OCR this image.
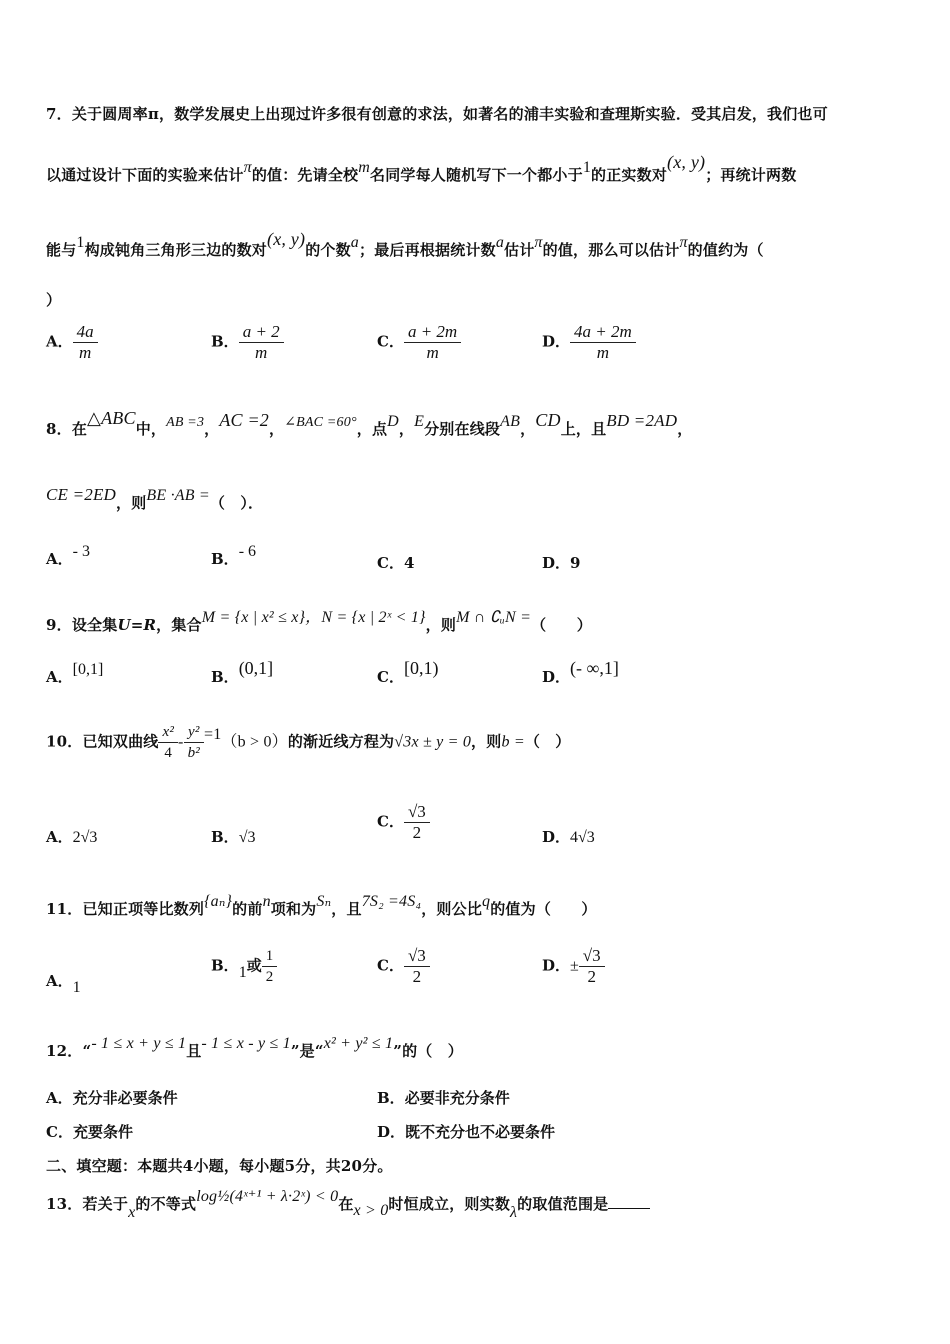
7．关于圆周率π，数学发展史上出现过许多很有创意的求法，如著名的浦丰实验和查理斯实验．受其启发，我们也可
以通过设计下面的实验来估计π的值：先请全校m名同学每人随机写下一个都小于1的正实数对(x, y)；再统计两数
能与1构成钝角三角形三边的数对(x, y)的个数a；最后再根据统计数a估计π的值，那么可以估计π的值约为（
）
A． $\frac{4a}{m}$	B． $\frac{a + 2}{m}$	C． $\frac{a + 2m}{m}$	D． $\frac{4a + 2m}{m}$
8．在△ABC中，AB =3，AC =2，∠BAC =60°，点D，E分别在线段AB，CD上，且BD =2AD，
CE =2ED，则BE ·AB =（　）．
A．- 3	B．- 6
C．4	D．9
9．设全集U=R，集合M = {x | x² ≤ x}，N = {x | 2ˣ < 1}，则M ∩ ∁ᵤN =（　　）
A．[0,1]	B．(0,1]	C．[0,1)	D．(- ∞,1]
10．已知双曲线 $\frac{\text{x²}}{4} - \frac{\text{y²}}{\text{b²}} =1(b > 0)$的渐近线方程为√3x ± y = 0，则b =（　）
A．2√3	B．√3
C． $\frac{√3}{2}$	D．4√3
11．已知正项等比数列{aₙ}的前n项和为Sₙ，且7S₂ =4S₄，则公比q的值为（　　）
A．1
B．1或 $\frac{1}{2}$	C． $\frac{√3}{2}$	D．± $\frac{√3}{2}$
12．“- 1 ≤ x + y ≤ 1且- 1 ≤ x - y ≤ 1”是“x² + y² ≤ 1”的（　）
A．充分非必要条件	B．必要非充分条件
C．充要条件	D．既不充分也不必要条件
二、填空题：本题共4小题，每小题5分，共20分。
13．若关于x的不等式log½(4ˣ⁺¹ + λ·2ˣ) < 0在x > 0时恒成立，则实数λ的取值范围是
